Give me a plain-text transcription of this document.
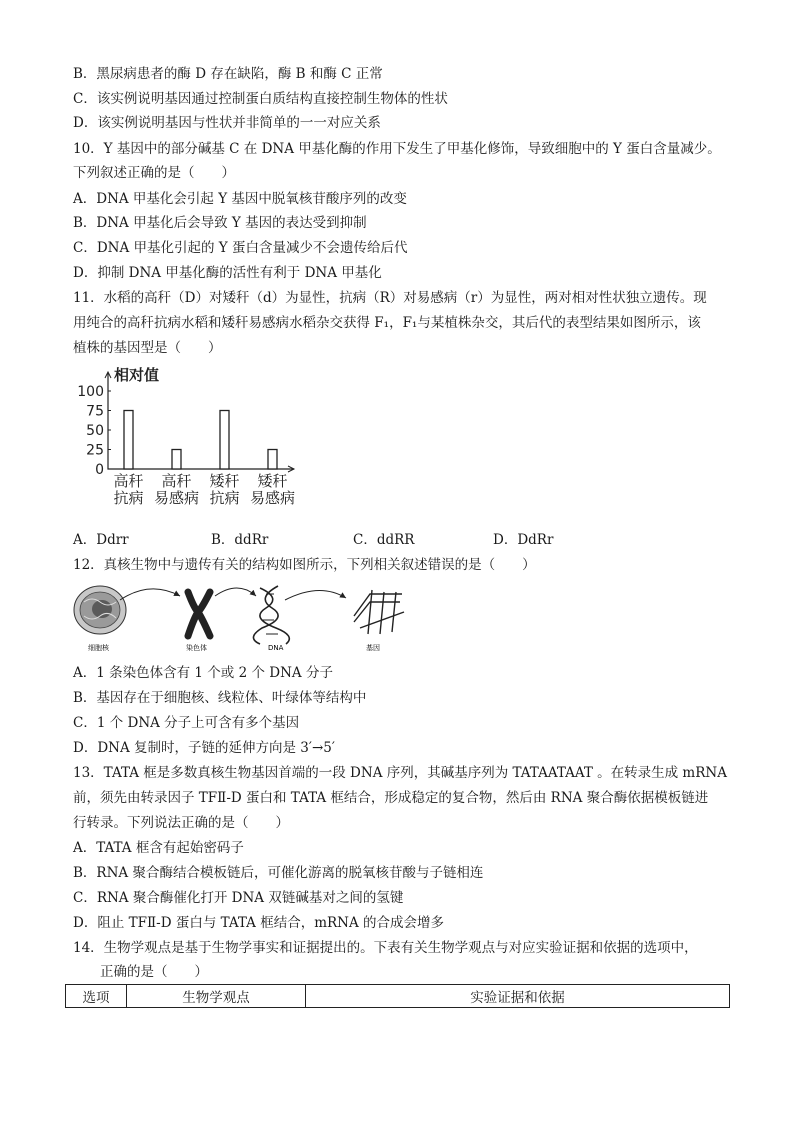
B．黑尿病患者的酶 D 存在缺陷，酶 B 和酶 C 正常
C．该实例说明基因通过控制蛋白质结构直接控制生物体的性状
D．该实例说明基因与性状并非简单的一一对应关系
10．Y 基因中的部分碱基 C 在 DNA 甲基化酶的作用下发生了甲基化修饰，导致细胞中的 Y 蛋白含量减少。
下列叙述正确的是（　　）
A．DNA 甲基化会引起 Y 基因中脱氧核苷酸序列的改变
B．DNA 甲基化后会导致 Y 基因的表达受到抑制
C．DNA 甲基化引起的 Y 蛋白含量减少不会遗传给后代
D．抑制 DNA 甲基化酶的活性有利于 DNA 甲基化
11．水稻的高秆（D）对矮秆（d）为显性，抗病（R）对易感病（r）为显性，两对相对性状独立遗传。现
用纯合的高秆抗病水稻和矮秆易感病水稻杂交获得 F₁，F₁与某植株杂交，其后代的表型结果如图所示，该
植株的基因型是（　　）
12．真核生物中与遗传有关的结构如图所示，下列相关叙述错误的是（　　）
A．1 条染色体含有 1 个或 2 个 DNA 分子
B．基因存在于细胞核、线粒体、叶绿体等结构中
C．1 个 DNA 分子上可含有多个基因
D．DNA 复制时，子链的延伸方向是 3′→5′
13．TATA 框是多数真核生物基因首端的一段 DNA 序列，其碱基序列为 TATAATAAT 。在转录生成 mRNA
前，须先由转录因子 TFⅡ-D 蛋白和 TATA 框结合，形成稳定的复合物，然后由 RNA 聚合酶依据模板链进
行转录。下列说法正确的是（　　）
A．TATA 框含有起始密码子
B．RNA 聚合酶结合模板链后，可催化游离的脱氧核苷酸与子链相连
C．RNA 聚合酶催化打开 DNA 双链碱基对之间的氢键
D．阻止 TFⅡ-D 蛋白与 TATA 框结合，mRNA 的合成会增多
14．生物学观点是基于生物学事实和证据提出的。下表有关生物学观点与对应实验证据和依据的选项中，
　　正确的是（　　）
相对值
0
25
50
75
100
高秆
抗病
高秆
易感病
矮秆
抗病
矮秆
易感病
A．Ddrr	B．ddRr	C．ddRR	D．DdRr
细胞核	染色体	DNA	基因
选项	生物学观点	实验证据和依据
